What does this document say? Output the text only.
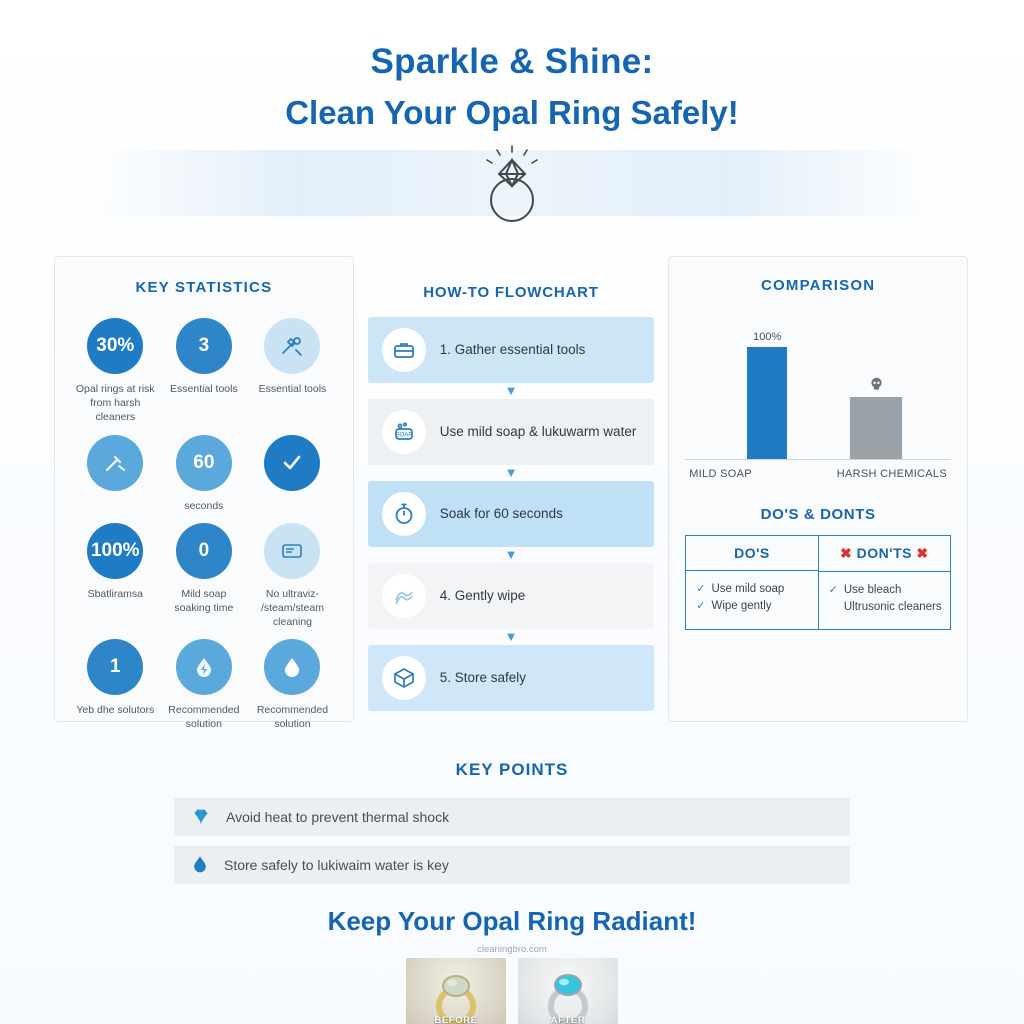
Sparkle & Shine:
Clean Your Opal Ring Safely!
KEY STATISTICS
30%
Opal rings at risk from harsh cleaners
3
Essential tools	Essential tools
60
seconds
100%
Sbatliramsa
0
Mild soap soaking time
No ultraviz- /steam/steam cleaning
1
Yeb dhe solutors	Recommended solution
Recommended solution
HOW-TO FLOWCHART
1. Gather essential tools
▼
SOAP Use mild soap & lukuwarm water
▼
Soak for 60 seconds
▼
4. Gently wipe
▼
5. Store safely
COMPARISON
100%
MILD SOAP	HARSH CHEMICALS
DO'S & DONTS
DO'S
✓ Use mild soap
✓ Wipe gently
✖ DON'TS ✖
✓ Use bleach
Ultrusonic cleaners
KEY POINTS
Avoid heat to prevent thermal shock
Store safely to lukiwaim water is key
Keep Your Opal Ring Radiant!
cleaningbro.com
BEFORE	AFTER
